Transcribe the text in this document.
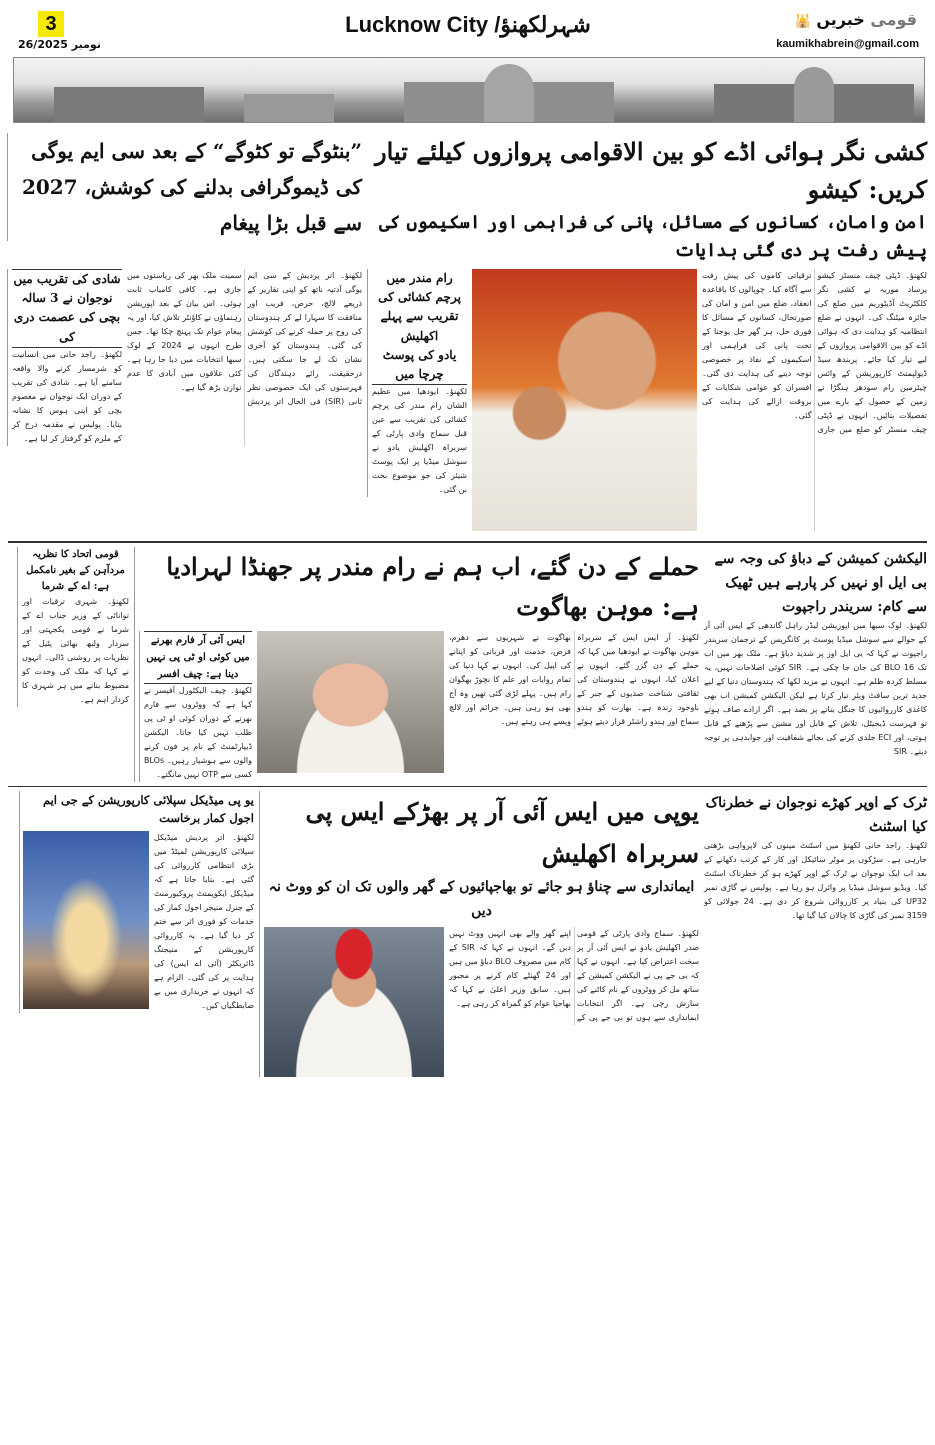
3
26/نومبر 2025
Lucknow City /شہرلکھنؤ	قومی خبریں 🕌
kaumikhabrein@gmail.com
کشی نگر ہوائی اڈے کو بین الاقوامی پروازوں کیلئے تیار کریں: کیشو
امن وامان، کسانوں کے مسائل، پانی کی فراہمی اور اسکیموں کی پیش رفت پر دی گئی ہدایات
”بنٹوگے تو کٹوگے“ کے بعد سی ایم یوگی کی ڈیموگرافی بدلنے کی کوشش، 2027 سے قبل بڑا پیغام
لکھنؤ۔ ڈپٹی چیف منسٹر کیشو پرساد موریہ نے کشی نگر کلکٹریٹ آڈیٹوریم میں ضلع کی جائزہ میٹنگ کی۔ انہوں نے ضلع انتظامیہ کو ہدایت دی کہ ہوائی اڈے کو بین الاقوامی پروازوں کے لیے تیار کیا جائے۔ پربندھ سیڈ ڈیولپمنٹ کارپوریشن کے وائس چیئرمین رام سودھر ہنگڑا نے زمین کے حصول کے بارے میں تفصیلات بتائیں۔ انہوں نے ڈپٹی چیف منسٹر کو ضلع میں جاری ترقیاتی کاموں کی پیش رفت سے آگاہ کیا۔ چوپالوں کا باقاعدہ انعقاد، ضلع میں امن و امان کی صورتحال، کسانوں کے مسائل کا فوری حل، ہر گھر جل یوجنا کے تحت پانی کی فراہمی اور اسکیموں کے نفاذ پر خصوصی توجہ دینے کی ہدایت دی گئی۔ افسران کو عوامی شکایات کے بروقت ازالے کی ہدایت کی گئی۔
رام مندر میں پرچم کشائی کی تقریب سے پہلے اکھلیش
یادو کی پوسٹ چرچا میں
لکھنؤ۔ ایودھیا میں عظیم الشان رام مندر کی پرچم کشائی کی تقریب سے عین قبل سماج وادی پارٹی کے سربراہ اکھلیش یادو نے سوشل میڈیا پر ایک پوسٹ شیئر کی جو موضوع بحث بن گئی۔
لکھنؤ۔ اتر پردیش کے سی ایم یوگی آدتیہ ناتھ کو اپنی تقاریر کے ذریعے لالچ، حرص، فریب اور منافقت کا سہارا لے کر ہندوستان کی روح پر حملہ کرنے کی کوشش کی گئی۔ ہندوستان کو آخری نشان تک لے جا سکتی ہیں۔ درحقیقت، رائے دہندگان کی فہرستوں کی ایک خصوصی نظر ثانی (SIR) فی الحال اتر پردیش سمیت ملک بھر کی ریاستوں میں جاری ہے۔ کافی کامیاب ثابت ہوئی۔ اس بیان کے بعد اپوزیشن رہنماؤں نے کاؤنٹر تلاش کیا، اور یہ پیغام عوام تک پہنچ چکا تھا۔ جس طرح انہوں نے 2024 کے لوک سبھا انتخابات میں دیا جا رہا ہے۔ کئی علاقوں میں آبادی کا عدم توازن بڑھ گیا ہے۔
شادی کی تقریب میں نوجوان نے 3 سالہ بچی کی عصمت دری کی
لکھنؤ۔ راجد حانی میں انسانیت کو شرمسار کرنے والا واقعہ سامنے آیا ہے۔ شادی کی تقریب کے دوران ایک نوجوان نے معصوم بچی کو اپنی ہوس کا نشانہ بنایا۔ پولیس نے مقدمہ درج کر کے ملزم کو گرفتار کر لیا ہے۔
الیکشن کمیشن کے دباؤ کی وجہ سے بی ایل او نہیں کر پارہے ہیں ٹھیک سے کام: سریندر راجپوت
لکھنؤ۔ لوک سبھا میں اپوزیشن لیڈر راہل گاندھی کے ایس آئی آر کے حوالے سے سوشل میڈیا پوسٹ پر کانگریس کے ترجمان سریندر راجپوت نے کہا کہ بی ایل اوز پر شدید دباؤ ہے۔ ملک بھر میں اب تک 16 BLO کی جان جا چکی ہے۔ SIR کوئی اصلاحات نہیں، یہ مسلط کردہ ظلم ہے۔ انہوں نے مزید لکھا کہ ہندوستان دنیا کے لیے جدید ترین سافٹ ویئر تیار کرتا ہے لیکن الیکشن کمیشن اب بھی کاغذی کارروائیوں کا جنگل بنانے پر بضد ہے۔ اگر ارادے صاف ہوتے تو فہرست ڈیجیٹل، تلاش کے قابل اور مشین سے پڑھنے کے قابل ہوتی، اور ECI جلدی کرنے کی بجائے شفافیت اور جوابدہی پر توجہ دیتے۔ SIR
حملے کے دن گئے، اب ہم نے رام مندر پر جھنڈا لہرادیا ہے: موہن بھاگوت
لکھنؤ۔ آر ایس ایس کے سربراہ موہن بھاگوت نے ایودھیا میں کہا کہ حملے کے دن گزر گئے۔ انہوں نے اعلان کیا، انہوں نے ہندوستان کی ثقافتی شناخت صدیوں کے جبر کے باوجود زندہ ہے۔ بھارت کو ہندو سماج اور ہندو راشٹر قرار دیتے ہوئے بھاگوت نے شہریوں سے دھرم، فرض، خدمت اور قربانی کو اپنانے کی اپیل کی۔ انہوں نے کہا دنیا کی تمام روایات اور علم کا نچوڑ بھگوان رام ہیں۔ پہلے لڑی گئی تھیں وہ آج بھی ہو رہی ہیں۔ جرائم اور لالچ ویسے ہی رہتے ہیں۔
ایس آئی آر فارم بھرنے میں کوئی او ٹی پی نہیں دینا ہے: چیف افسر
لکھنؤ۔ چیف الیکٹورل آفیسر نے کہا ہے کہ ووٹروں سے فارم بھرنے کے دوران کوئی او ٹی پی طلب نہیں کیا جاتا۔ الیکشن ڈیپارٹمنٹ کے نام پر فون کرنے والوں سے ہوشیار رہیں۔ BLOs کسی سے OTP نہیں مانگتے۔
قومی اتحاد کا نظریہ مردآہن کے بغیر نامکمل ہے: اے کے شرما
لکھنؤ۔ شہری ترقیات اور توانائی کے وزیر جناب اے کے شرما نے قومی یکجہتی اور سردار ولبھ بھائی پٹیل کے نظریات پر روشنی ڈالی۔ انہوں نے کہا کہ ملک کی وحدت کو مضبوط بنانے میں ہر شہری کا کردار اہم ہے۔
ٹرک کے اوپر کھڑے نوجوان نے خطرناک کیا اسٹنٹ
لکھنؤ۔ راجد حانی لکھنؤ میں اسٹنٹ مینوں کی لاپرواہی بڑھتی جارہی ہے۔ سڑکوں پر موٹر سائیکل اور کار کے کرتب دکھانے کے بعد اب ایک نوجوان نے ٹرک کے اوپر کھڑے ہو کر خطرناک اسٹنٹ کیا۔ ویڈیو سوشل میڈیا پر وائرل ہو رہا ہے۔ پولیس نے گاڑی نمبر UP32 کی بنیاد پر کارروائی شروع کر دی ہے۔ 24 جولائی کو 3159 نمبر کی گاڑی کا چالان کیا گیا تھا۔
یوپی میں ایس آئی آر پر بھڑکے ایس پی سربراہ اکھلیش
ایمانداری سے چناؤ ہو جائے تو بھاجپائیوں کے گھر والوں تک ان کو ووٹ نہ دیں
لکھنؤ۔ سماج وادی پارٹی کے قومی صدر اکھلیش یادو نے ایس آئی آر پر سخت اعتراض کیا ہے۔ انہوں نے کہا کہ بی جے پی نے الیکشن کمیشن کے ساتھ مل کر ووٹروں کے نام کاٹنے کی سازش رچی ہے۔ اگر انتخابات ایمانداری سے ہوں تو بی جے پی کے اپنے گھر والے بھی انہیں ووٹ نہیں دیں گے۔ انہوں نے کہا کہ SIR کے کام میں مصروف BLO دباؤ میں ہیں اور 24 گھنٹے کام کرنے پر مجبور ہیں۔ سابق وزیر اعلیٰ نے کہا کہ بھاجپا عوام کو گمراہ کر رہی ہے۔
یو پی میڈیکل سپلائی کارپوریشن کے جی ایم اجول کمار برخاست
لکھنؤ۔ اتر پردیش میڈیکل سپلائی کارپوریشن لمیٹڈ میں بڑی انتظامی کارروائی کی گئی ہے۔ بتایا جاتا ہے کہ میڈیکل ایکوپمنٹ پروکیورمنٹ کے جنرل منیجر اجول کمار کی خدمات کو فوری اثر سے ختم کر دیا گیا ہے۔ یہ کارروائی کارپوریشن کے منیجنگ ڈائریکٹر (آئی اے ایس) کی ہدایت پر کی گئی۔ الزام ہے کہ انہوں نے خریداری میں بے ضابطگیاں کیں۔
